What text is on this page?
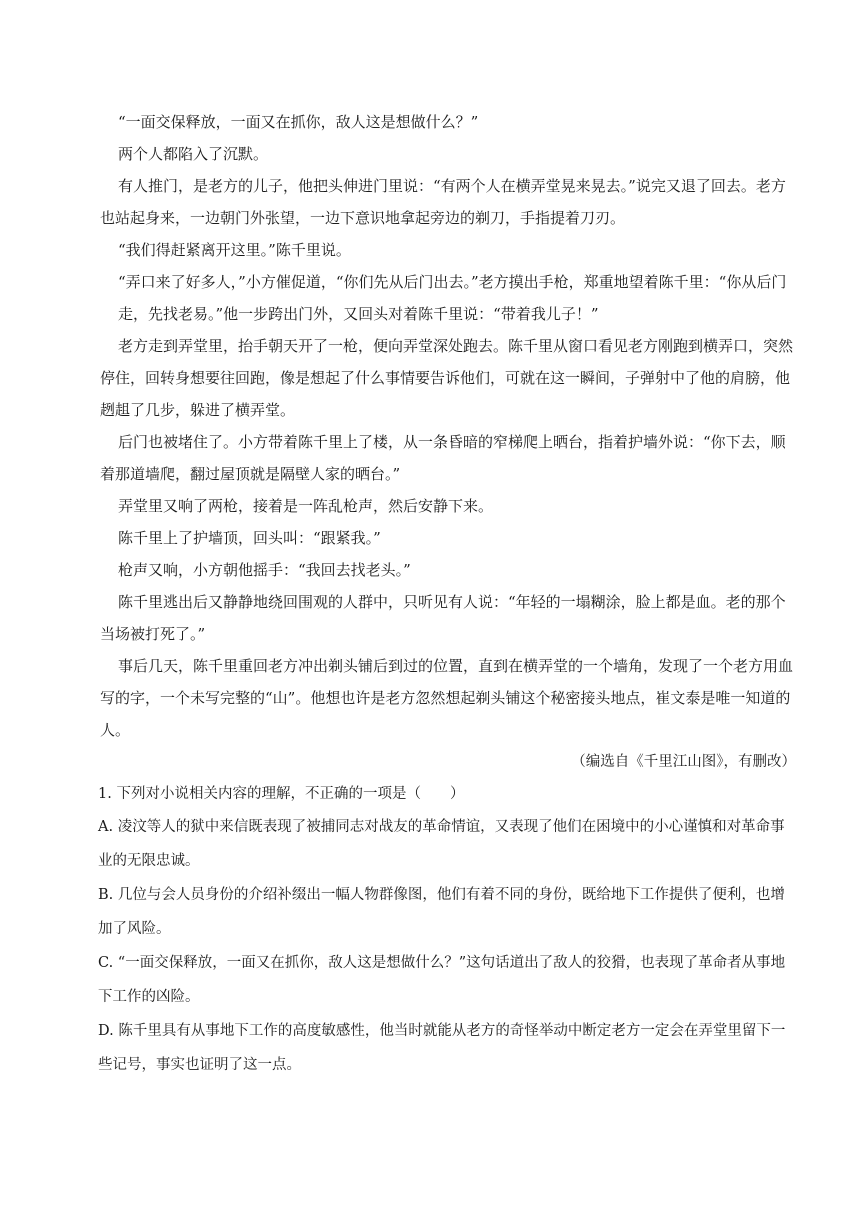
“一面交保释放，一面又在抓你，敌人这是想做什么？”

两个人都陷入了沉默。

有人推门，是老方的儿子，他把头伸进门里说：“有两个人在横弄堂晃来晃去。”说完又退了回去。老方也站起身来，一边朝门外张望，一边下意识地拿起旁边的剃刀，手指提着刀刃。

“我们得赶紧离开这里。”陈千里说。

“弄口来了好多人，”小方催促道，“你们先从后门出去。”老方摸出手枪，郑重地望着陈千里：“你从后门走，先找老易。”他一步跨出门外，又回头对着陈千里说：“带着我儿子！”

老方走到弄堂里，抬手朝天开了一枪，便向弄堂深处跑去。陈千里从窗口看见老方刚跑到横弄口，突然停住，回转身想要往回跑，像是想起了什么事情要告诉他们，可就在这一瞬间，子弹射中了他的肩膀，他趔趄了几步，躲进了横弄堂。

后门也被堵住了。小方带着陈千里上了楼，从一条昏暗的窄梯爬上晒台，指着护墙外说：“你下去，顺着那道墙爬，翻过屋顶就是隔壁人家的晒台。”

弄堂里又响了两枪，接着是一阵乱枪声，然后安静下来。

陈千里上了护墙顶，回头叫：“跟紧我。”

枪声又响，小方朝他摇手：“我回去找老头。”

陈千里逃出后又静静地绕回围观的人群中，只听见有人说：“年轻的一塌糊涂，脸上都是血。老的那个当场被打死了。”

事后几天，陈千里重回老方冲出剃头铺后到过的位置，直到在横弄堂的一个墙角，发现了一个老方用血写的字，一个未写完整的“山”。他想也许是老方忽然想起剃头铺这个秘密接头地点，崔文泰是唯一知道的人。

（编选自《千里江山图》，有删改）

1. 下列对小说相关内容的理解，不正确的一项是（　　）

A. 凌汶等人的狱中来信既表现了被捕同志对战友的革命情谊，又表现了他们在困境中的小心谨慎和对革命事业的无限忠诚。

B. 几位与会人员身份的介绍补缀出一幅人物群像图，他们有着不同的身份，既给地下工作提供了便利，也增加了风险。

C. “一面交保释放，一面又在抓你，敌人这是想做什么？”这句话道出了敌人的狡猾，也表现了革命者从事地下工作的凶险。

D. 陈千里具有从事地下工作的高度敏感性，他当时就能从老方的奇怪举动中断定老方一定会在弄堂里留下一些记号，事实也证明了这一点。
